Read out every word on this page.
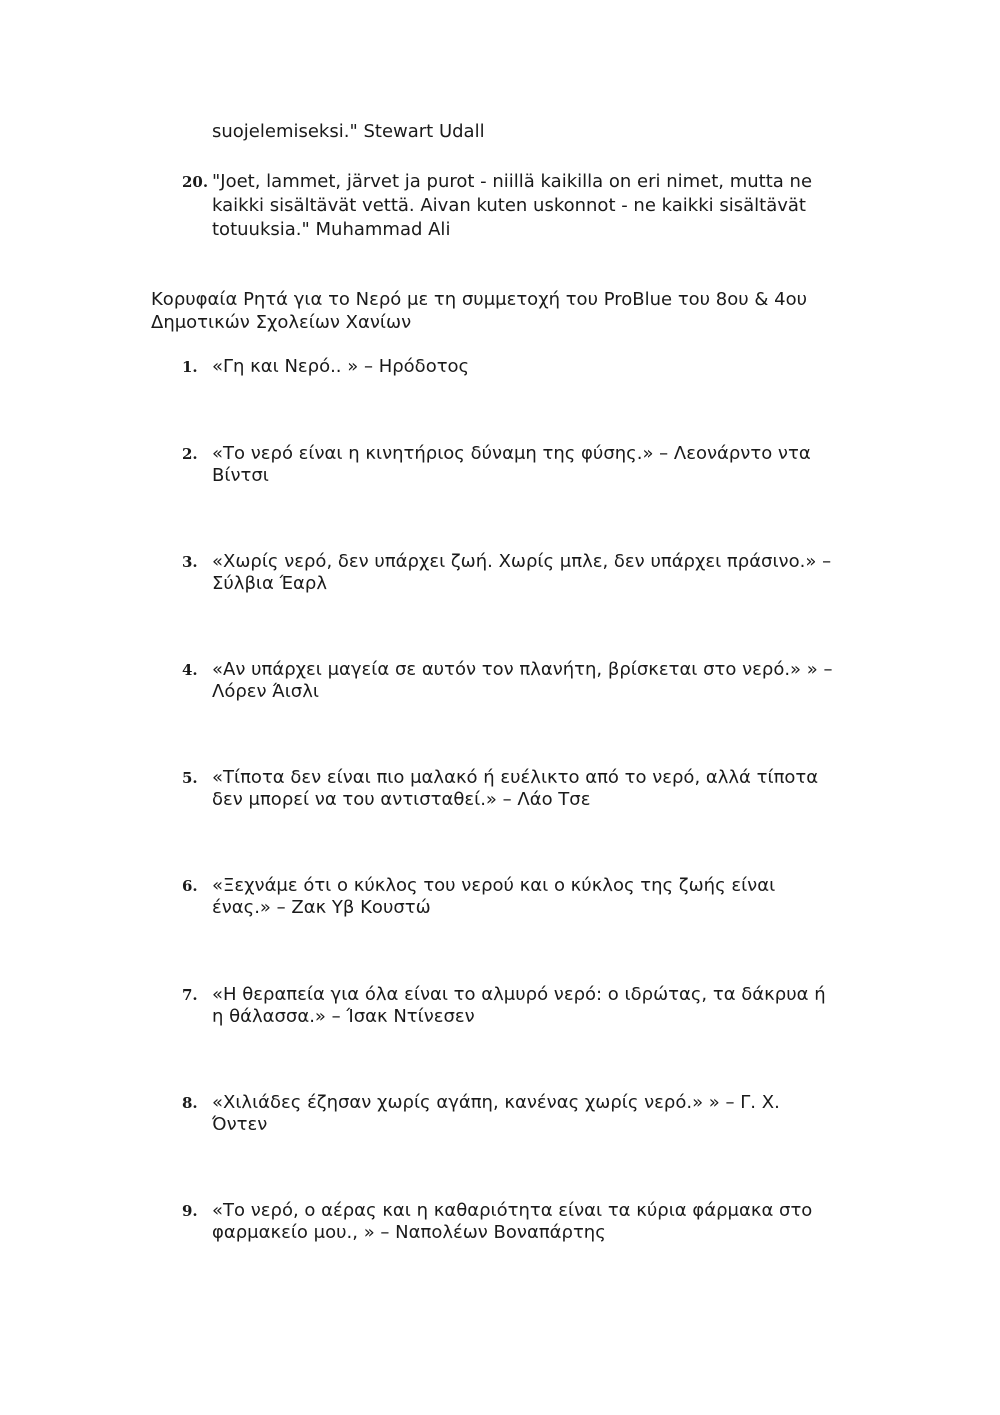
suojelemiseksi." Stewart Udall
20. "Joet, lammet, järvet ja purot - niillä kaikilla on eri nimet, mutta ne
kaikki sisältävät vettä. Aivan kuten uskonnot - ne kaikki sisältävät
totuuksia." Muhammad Ali
Κορυφαία Ρητά για το Νερό με τη συμμετοχή του ProBlue του 8ου & 4ου
Δημοτικών Σχολείων Χανίων
1. «Γη και Νερό.. » – Ηρόδοτος
2. «Το νερό είναι η κινητήριος δύναμη της φύσης.» – Λεονάρντο ντα
Βίντσι
3. «Χωρίς νερό, δεν υπάρχει ζωή. Χωρίς μπλε, δεν υπάρχει πράσινο.» –
Σύλβια Έαρλ
4. «Αν υπάρχει μαγεία σε αυτόν τον πλανήτη, βρίσκεται στο νερό.» » –
Λόρεν Άισλι
5. «Τίποτα δεν είναι πιο μαλακό ή ευέλικτο από το νερό, αλλά τίποτα
δεν μπορεί να του αντισταθεί.» – Λάο Τσε
6. «Ξεχνάμε ότι ο κύκλος του νερού και ο κύκλος της ζωής είναι
ένας.» – Ζακ Υβ Κουστώ
7. «Η θεραπεία για όλα είναι το αλμυρό νερό: ο ιδρώτας, τα δάκρυα ή
η θάλασσα.» – Ίσακ Ντίνεσεν
8. «Χιλιάδες έζησαν χωρίς αγάπη, κανένας χωρίς νερό.» » – Γ. Χ.
Όντεν
9. «Το νερό, ο αέρας και η καθαριότητα είναι τα κύρια φάρμακα στο
φαρμακείο μου., » – Ναπολέων Βοναπάρτης
